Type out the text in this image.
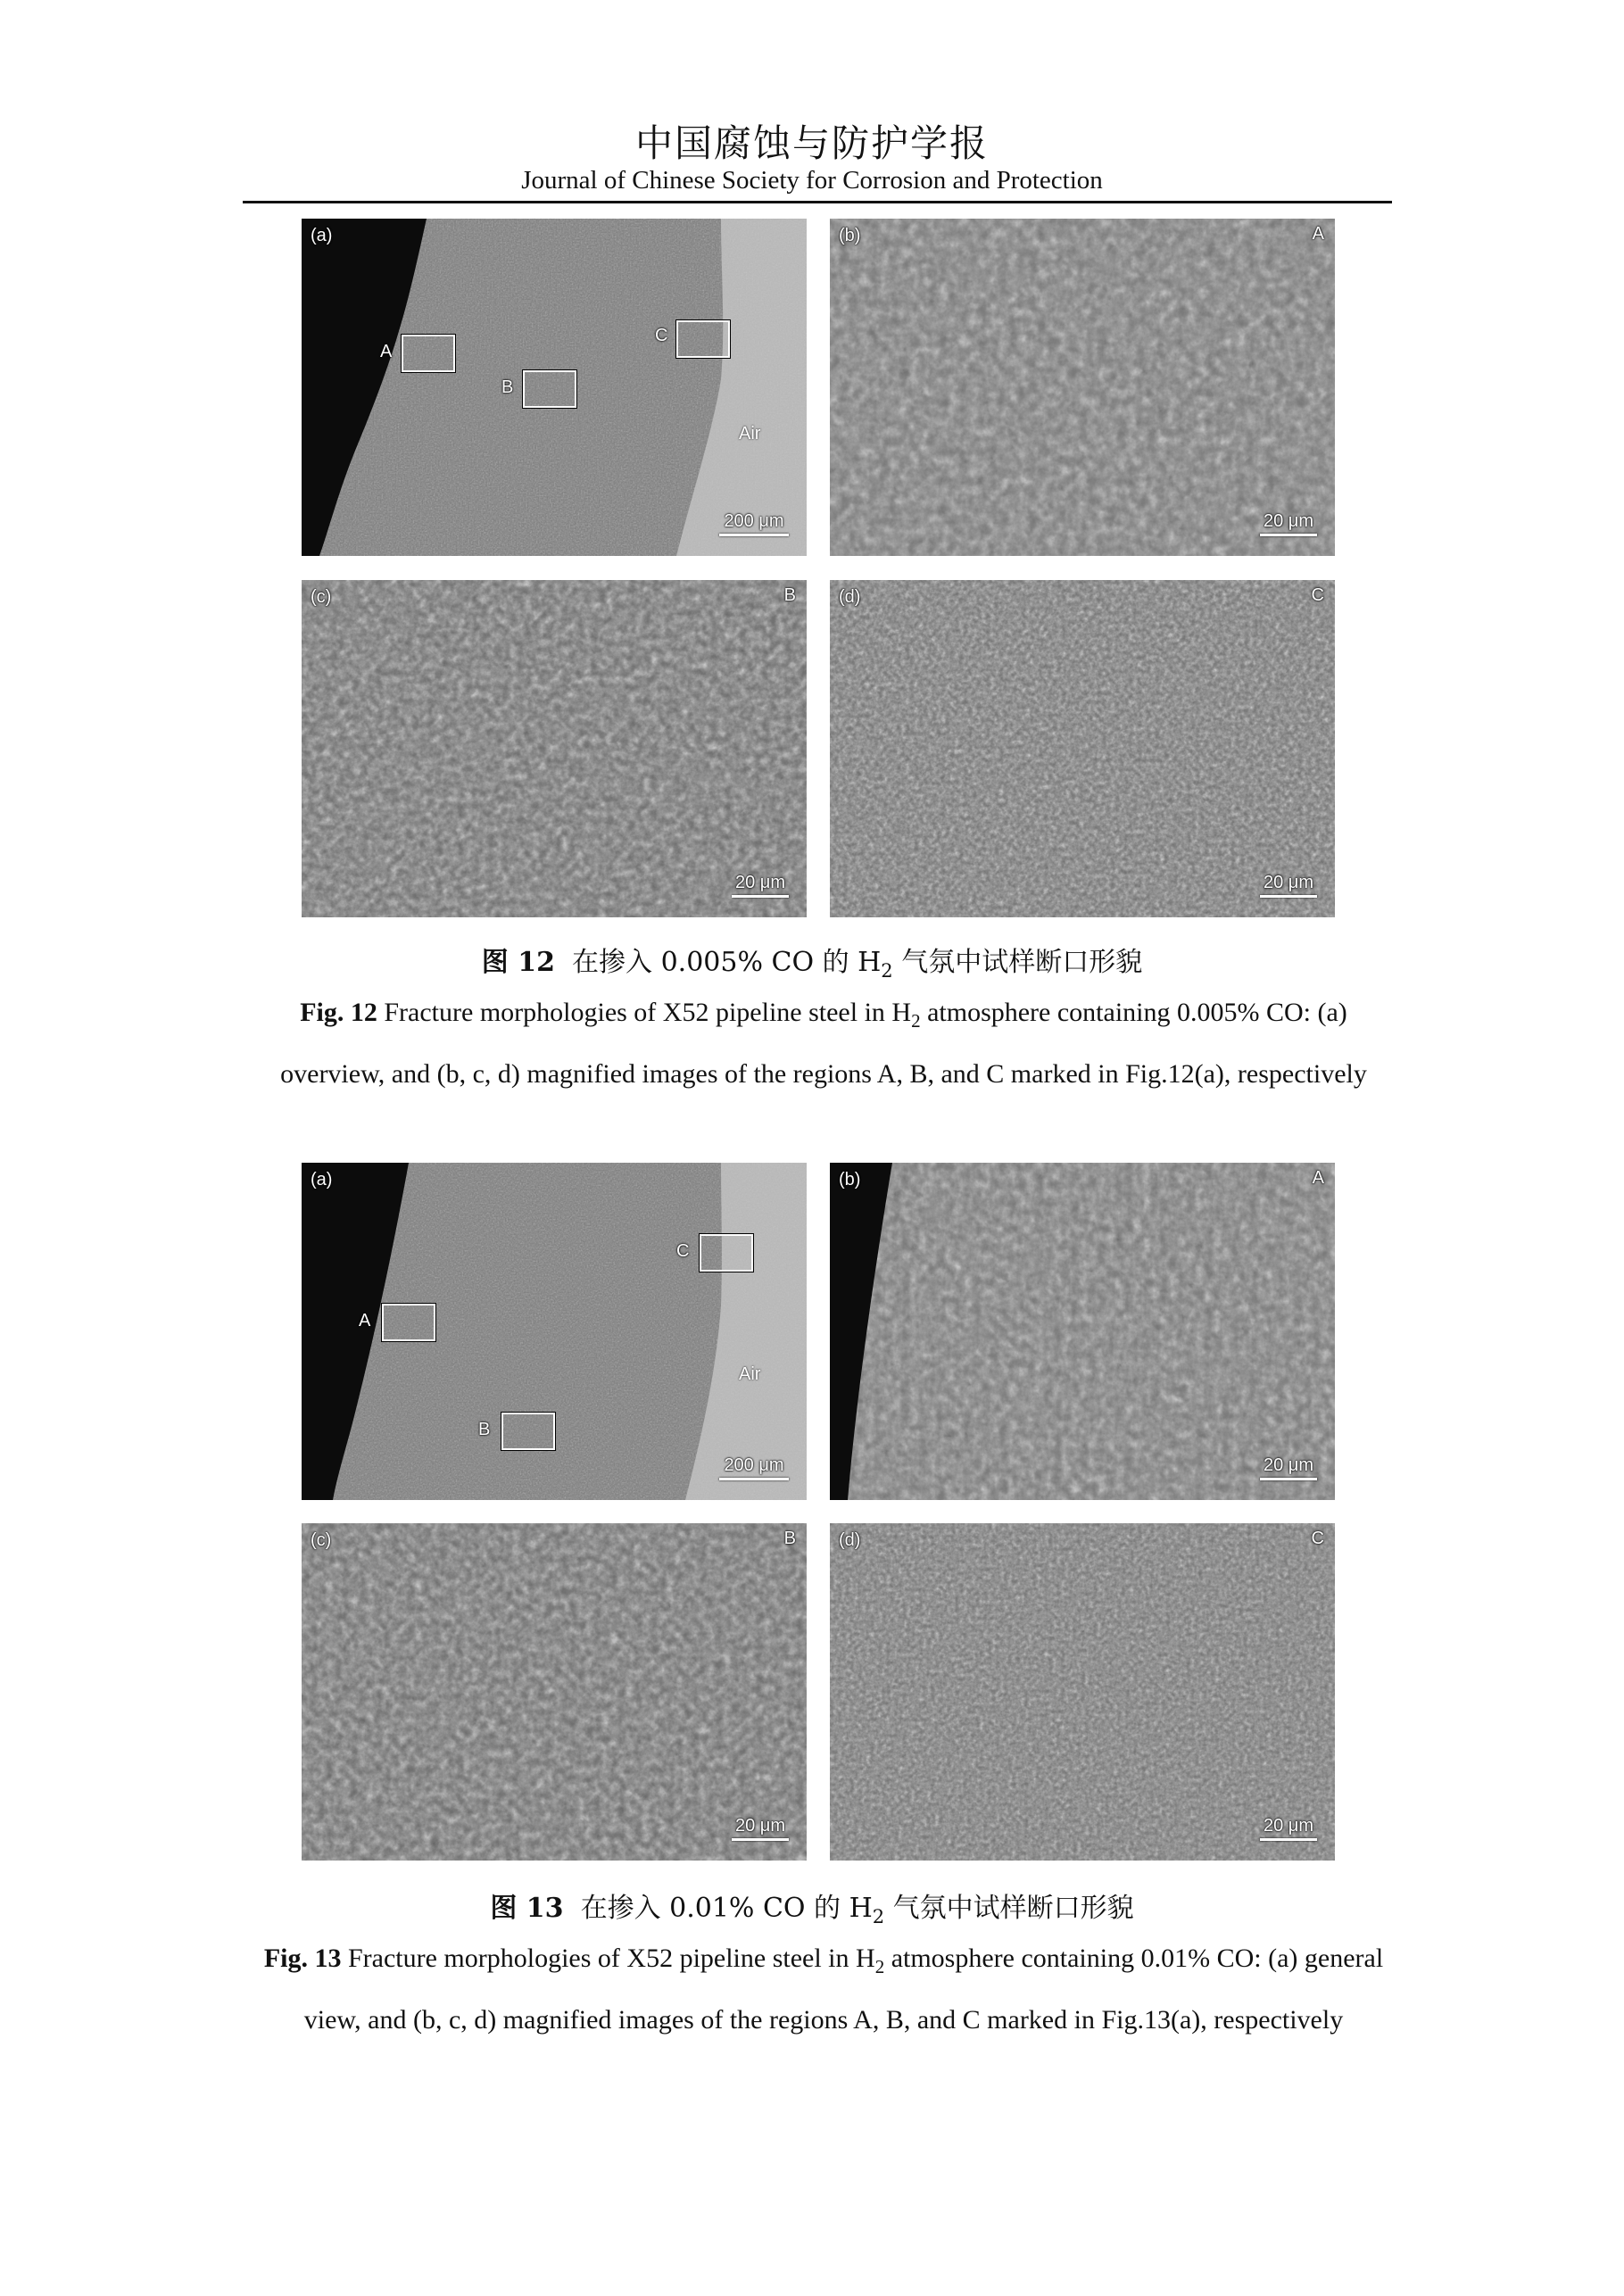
中国腐蚀与防护学报
Journal of Chinese Society for Corrosion and Protection
(a)
A
B
C
Air
200 μm
(b)	A
20 μm
(c)	B
20 μm
(d)	C
20 μm
图 12 在掺入 0.005% CO 的 $H_2$ 气氛中试样断口形貌
Fig. 12 Fracture morphologies of X52 pipeline steel in $H_2$ atmosphere containing 0.005% CO: (a) overview, and (b, c, d) magnified images of the regions A, B, and C marked in Fig.12(a), respectively
(a)
A
B
C
Air
200 μm
(b)	A
20 μm
(c)	B
20 μm
(d)	C
20 μm
图 13 在掺入 0.01% CO 的 $H_2$ 气氛中试样断口形貌
Fig. 13 Fracture morphologies of X52 pipeline steel in $H_2$ atmosphere containing 0.01% CO: (a) general view, and (b, c, d) magnified images of the regions A, B, and C marked in Fig.13(a), respectively
